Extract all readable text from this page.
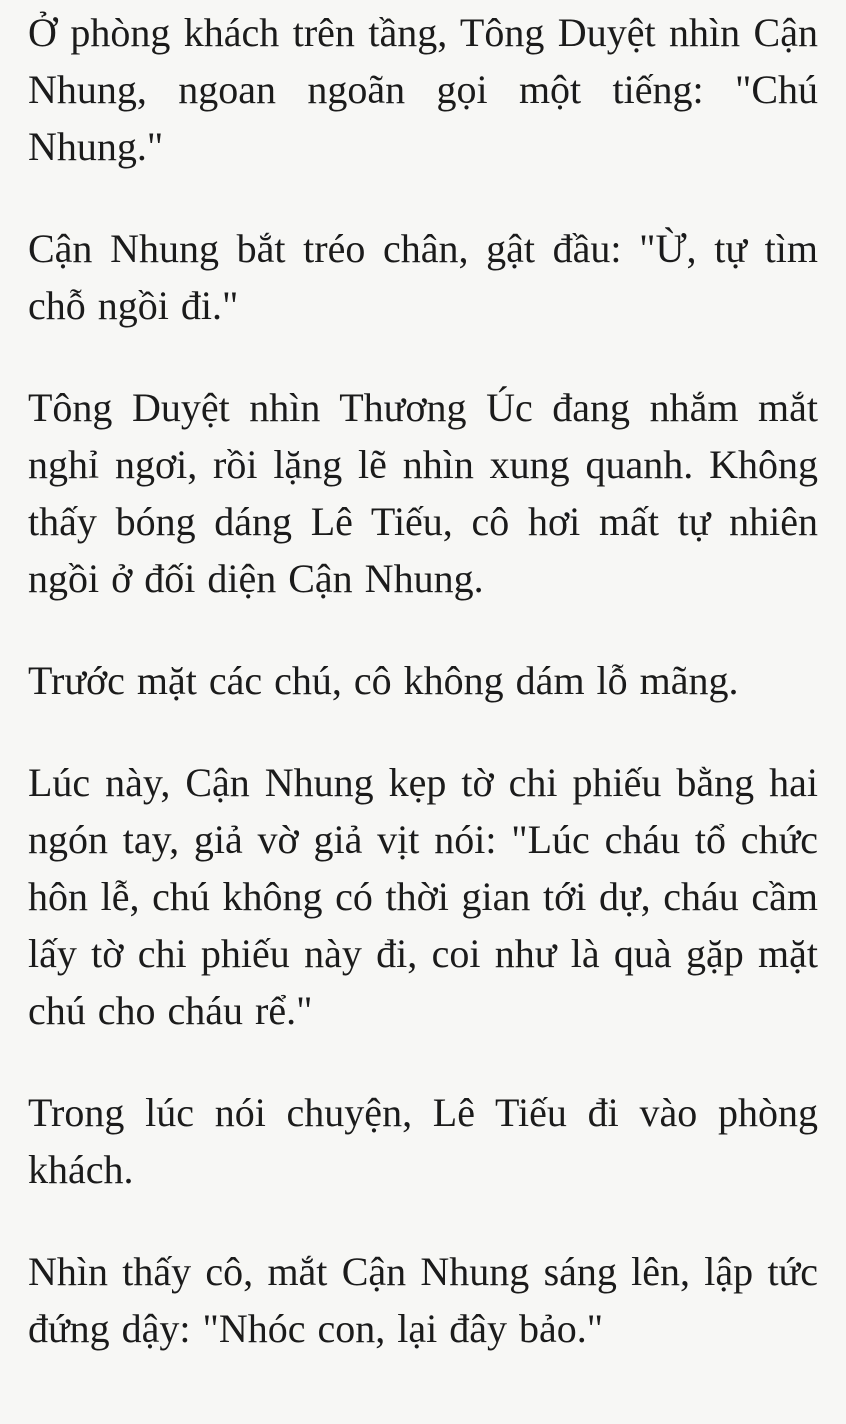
Ở phòng khách trên tầng, Tông Duyệt nhìn Cận Nhung, ngoan ngoãn gọi một tiếng: "Chú Nhung."

Cận Nhung bắt tréo chân, gật đầu: "Ừ, tự tìm chỗ ngồi đi."

Tông Duyệt nhìn Thương Úc đang nhắm mắt nghỉ ngơi, rồi lặng lẽ nhìn xung quanh. Không thấy bóng dáng Lê Tiếu, cô hơi mất tự nhiên ngồi ở đối diện Cận Nhung.

Trước mặt các chú, cô không dám lỗ mãng.

Lúc này, Cận Nhung kẹp tờ chi phiếu bằng hai ngón tay, giả vờ giả vịt nói: "Lúc cháu tổ chức hôn lễ, chú không có thời gian tới dự, cháu cầm lấy tờ chi phiếu này đi, coi như là quà gặp mặt chú cho cháu rể."

Trong lúc nói chuyện, Lê Tiếu đi vào phòng khách.

Nhìn thấy cô, mắt Cận Nhung sáng lên, lập tức đứng dậy: "Nhóc con, lại đây bảo."
